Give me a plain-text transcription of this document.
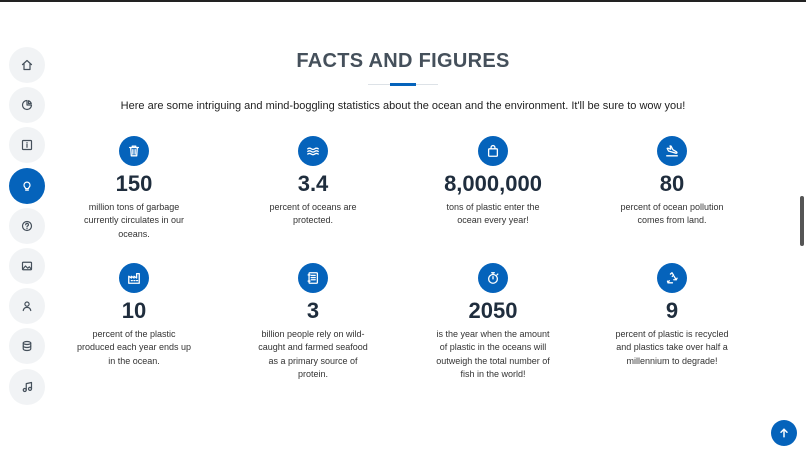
FACTS AND FIGURES

Here are some intriguing and mind-boggling statistics about the ocean and the environment. It'll be sure to wow you!

150
million tons of garbage currently circulates in our oceans.
3.4
percent of oceans are protected.
8,000,000
tons of plastic enter the ocean every year!
80
percent of ocean pollution comes from land.
10
percent of the plastic produced each year ends up in the ocean.
3
billion people rely on wild-caught and farmed seafood as a primary source of protein.
2050
is the year when the amount of plastic in the oceans will outweigh the total number of fish in the world!
9
percent of plastic is recycled and plastics take over half a millennium to degrade!
